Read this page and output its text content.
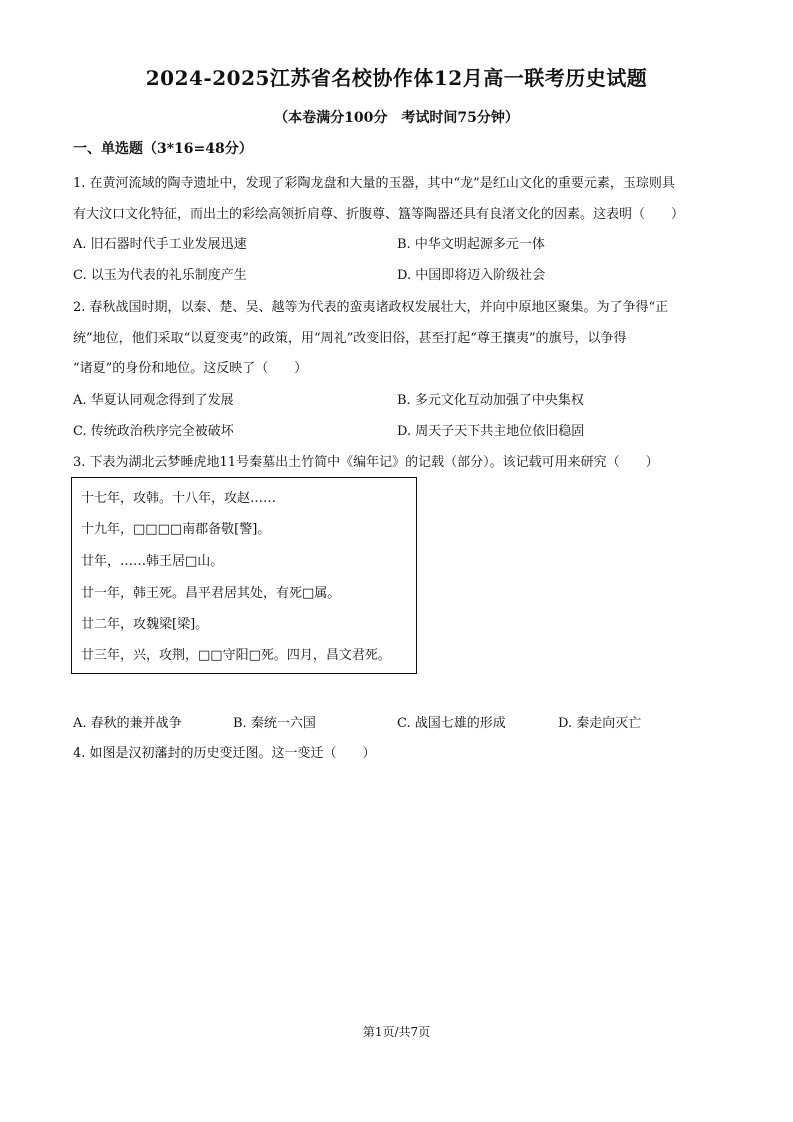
2024-2025江苏省名校协作体12月高一联考历史试题
（本卷满分100分　考试时间75分钟）
一、单选题（3*16=48分）
1. 在黄河流域的陶寺遗址中，发现了彩陶龙盘和大量的玉器，其中“龙”是红山文化的重要元素，玉琮则具
有大汶口文化特征，而出土的彩绘高领折肩尊、折腹尊、簋等陶器还具有良渚文化的因素。这表明（　　）
A. 旧石器时代手工业发展迅速	B. 中华文明起源多元一体
C. 以玉为代表的礼乐制度产生	D. 中国即将迈入阶级社会
2. 春秋战国时期，以秦、楚、吴、越等为代表的蛮夷诸政权发展壮大，并向中原地区聚集。为了争得“正
统”地位，他们采取“以夏变夷”的政策，用“周礼”改变旧俗，甚至打起“尊王攘夷”的旗号，以争得
“诸夏”的身份和地位。这反映了（　　）
A. 华夏认同观念得到了发展	B. 多元文化互动加强了中央集权
C. 传统政治秩序完全被破坏	D. 周天子天下共主地位依旧稳固
3. 下表为湖北云梦睡虎地11号秦墓出土竹简中《编年记》的记载（部分）。该记载可用来研究（　　）
十七年，攻韩。十八年，攻赵……
十九年，□□□□南郡备敬[警]。
廿年，……韩王居□山。
廿一年，韩王死。昌平君居其处，有死□属。
廿二年，攻魏梁[梁]。
廿三年，兴，攻荆，□□守阳□死。四月，昌文君死。
A. 春秋的兼并战争	B. 秦统一六国	C. 战国七雄的形成	D. 秦走向灭亡
4. 如图是汉初藩封的历史变迁图。这一变迁（　　）
第1页/共7页
